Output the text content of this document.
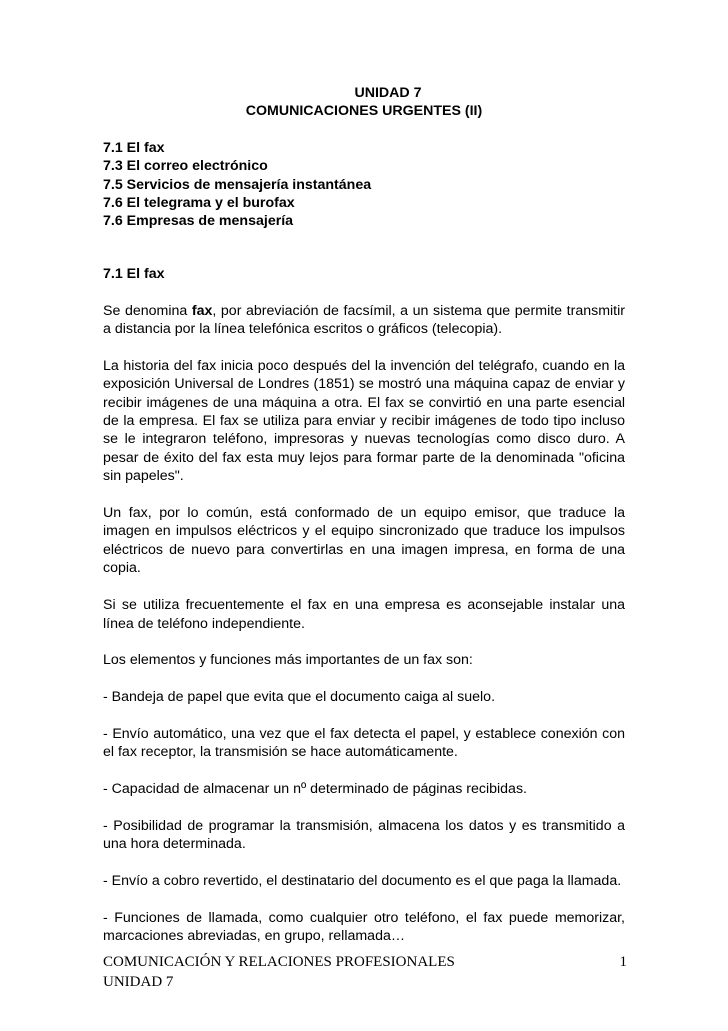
UNIDAD 7
COMUNICACIONES URGENTES (II)
7.1 El fax
7.3 El correo electrónico
7.5 Servicios de mensajería instantánea
7.6 El telegrama y el burofax
7.6 Empresas de mensajería
7.1 El fax

Se denomina fax, por abreviación de facsímil, a un sistema que permite transmitir a distancia por la línea telefónica escritos o gráficos (telecopia).

La historia del fax inicia poco después del la invención del telégrafo, cuando en la exposición Universal de Londres (1851) se mostró una máquina capaz de enviar y recibir imágenes de una máquina a otra. El fax se convirtió en una parte esencial de la empresa. El fax se utiliza para enviar y recibir imágenes de todo tipo incluso se le integraron teléfono, impresoras y nuevas tecnologías como disco duro. A pesar de éxito del fax esta muy lejos para formar parte de la denominada "oficina sin papeles".

Un fax, por lo común, está conformado de un equipo emisor, que traduce la imagen en impulsos eléctricos y el equipo sincronizado que traduce los impulsos eléctricos de nuevo para convertirlas en una imagen impresa, en forma de una copia.

Si se utiliza frecuentemente el fax en una empresa es aconsejable instalar una línea de teléfono independiente.

Los elementos y funciones más importantes de un fax son:

- Bandeja de papel que evita que el documento caiga al suelo.

- Envío automático, una vez que el fax detecta el papel, y establece conexión con el fax receptor, la transmisión se hace automáticamente.

- Capacidad de almacenar un nº determinado de páginas recibidas.

- Posibilidad de programar la transmisión, almacena los datos y es transmitido a una hora determinada.

- Envío a cobro revertido, el destinatario del documento es el que paga la llamada.

- Funciones de llamada, como cualquier otro teléfono, el fax puede memorizar, marcaciones abreviadas, en grupo, rellamada…

COMUNICACIÓN Y RELACIONES PROFESIONALES	1
UNIDAD 7
